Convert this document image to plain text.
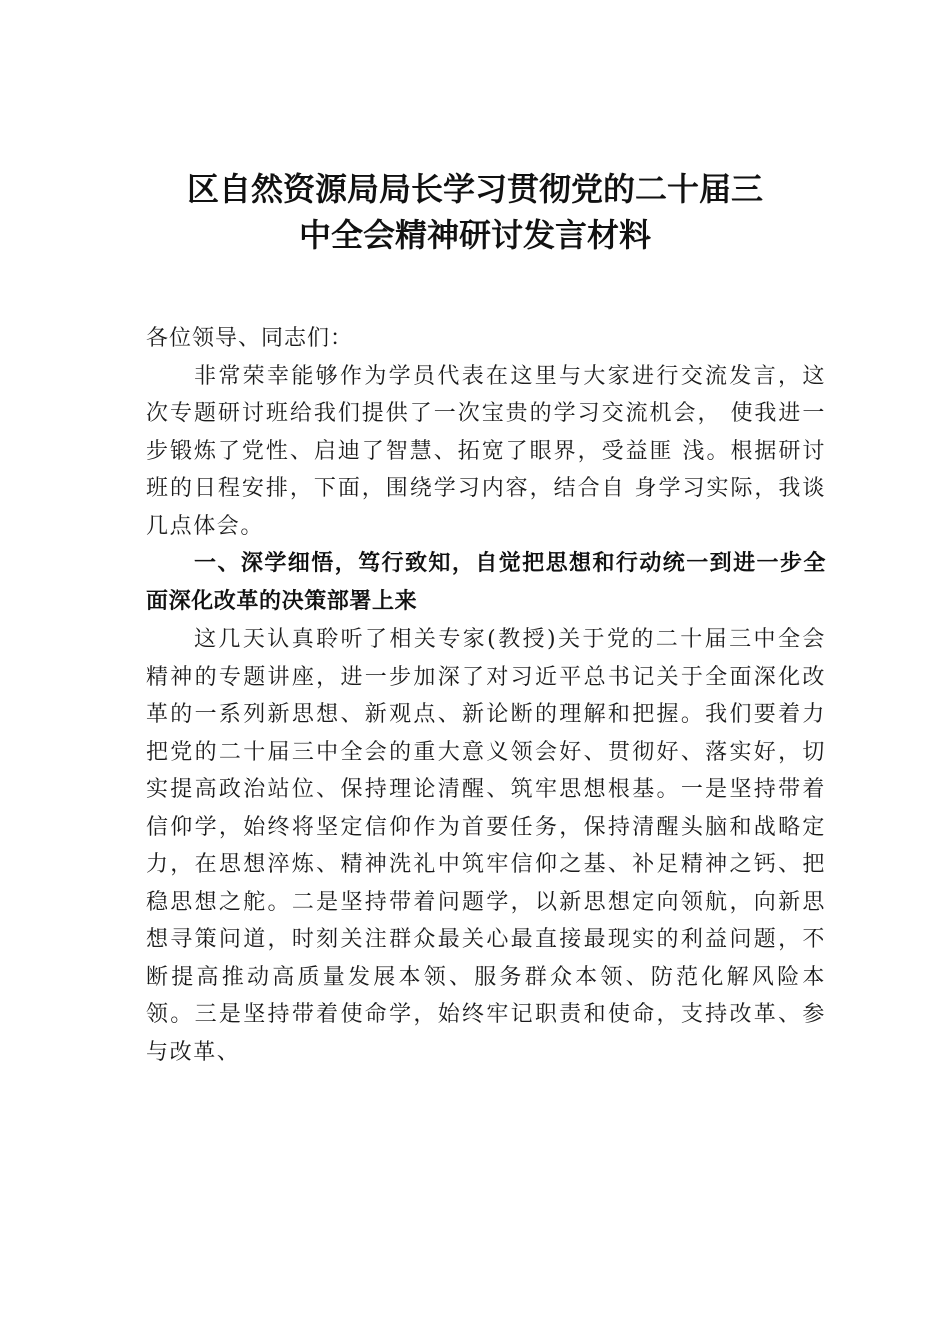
区自然资源局局长学习贯彻党的二十届三
中全会精神研讨发言材料

各位领导、同志们：

非常荣幸能够作为学员代表在这里与大家进行交流发言，这次专题研讨班给我们提供了一次宝贵的学习交流机会， 使我进一步锻炼了党性、启迪了智慧、拓宽了眼界，受益匪 浅。根据研讨班的日程安排，下面，围绕学习内容，结合自 身学习实际，我谈几点体会。

一、深学细悟，笃行致知，自觉把思想和行动统一到进一步全面深化改革的决策部署上来

这几天认真聆听了相关专家(教授)关于党的二十届三中全会精神的专题讲座，进一步加深了对习近平总书记关于全面深化改革的一系列新思想、新观点、新论断的理解和把握。我们要着力把党的二十届三中全会的重大意义领会好、贯彻好、落实好，切实提高政治站位、保持理论清醒、筑牢思想根基。一是坚持带着信仰学，始终将坚定信仰作为首要任务，保持清醒头脑和战略定力，在思想淬炼、精神洗礼中筑牢信仰之基、补足精神之钙、把稳思想之舵。二是坚持带着问题学，以新思想定向领航，向新思想寻策问道，时刻关注群众最关心最直接最现实的利益问题，不断提高推动高质量发展本领、服务群众本领、防范化解风险本领。三是坚持带着使命学，始终牢记职责和使命，支持改革、参与改革、
